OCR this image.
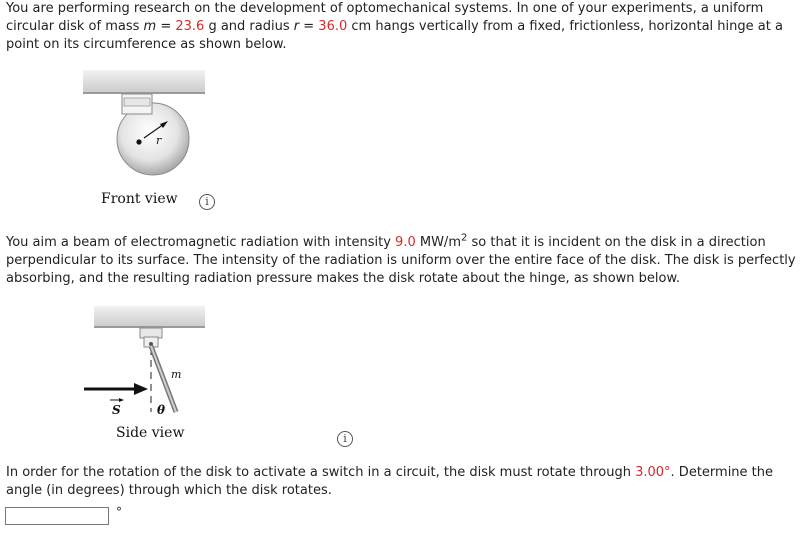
You are performing research on the development of optomechanical systems. In one of your experiments, a uniform circular disk of mass m = 23.6 g and radius r = 36.0 cm hangs vertically from a fixed, frictionless, horizontal hinge at a point on its circumference as shown below.

r
Front view	i

You aim a beam of electromagnetic radiation with intensity 9.0 $MW/m^2$ so that it is incident on the disk in a direction perpendicular to its surface. The intensity of the radiation is uniform over the entire face of the disk. The disk is perfectly absorbing, and the resulting radiation pressure makes the disk rotate about the hinge, as shown below.

m
S	θ
Side view	i

In order for the rotation of the disk to activate a switch in a circuit, the disk must rotate through 3.00°. Determine the angle (in degrees) through which the disk rotates.

°
